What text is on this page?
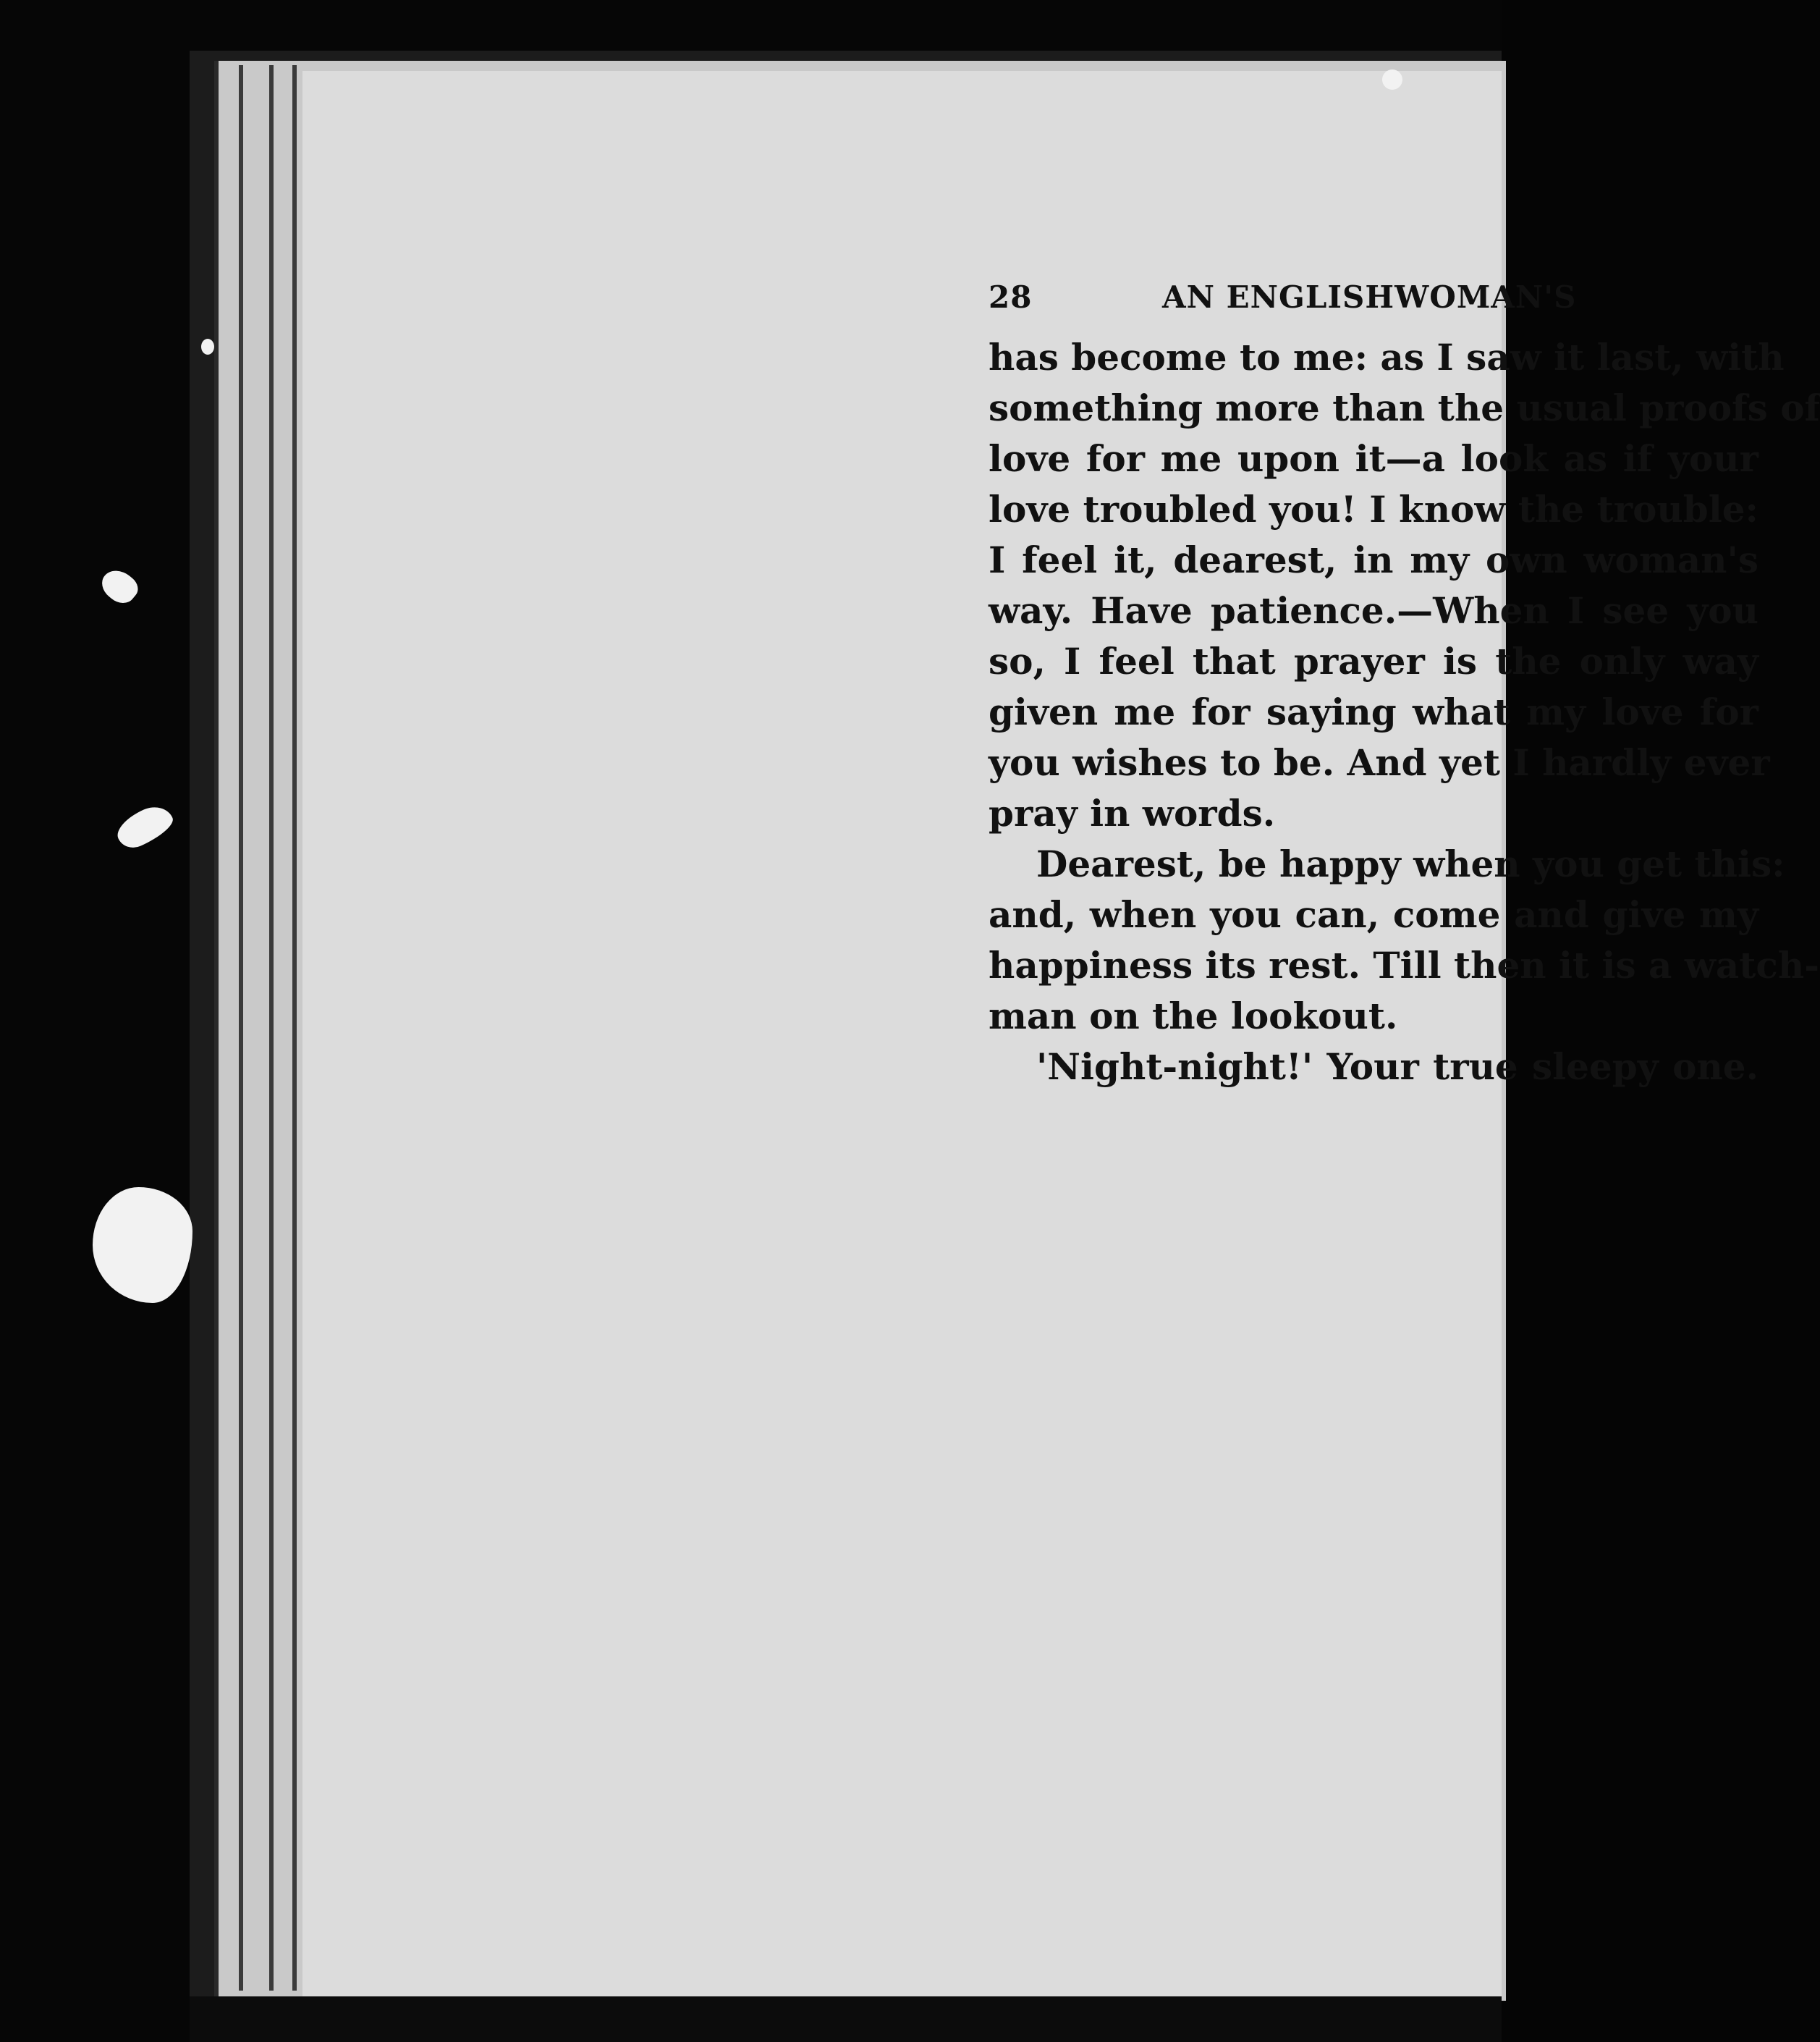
28	AN ENGLISHWOMAN'S
has become to me: as I saw it last, with
something more than the usual proofs of
love for me upon it—a look as if your
love troubled you! I know the trouble:
I feel it, dearest, in my own woman's
way. Have patience.—When I see you
so, I feel that prayer is the only way
given me for saying what my love for
you wishes to be. And yet I hardly ever
pray in words.
Dearest, be happy when you get this:
and, when you can, come and give my
happiness its rest. Till then it is a watch-
man on the lookout.
'Night-night!' Your true sleepy one.
